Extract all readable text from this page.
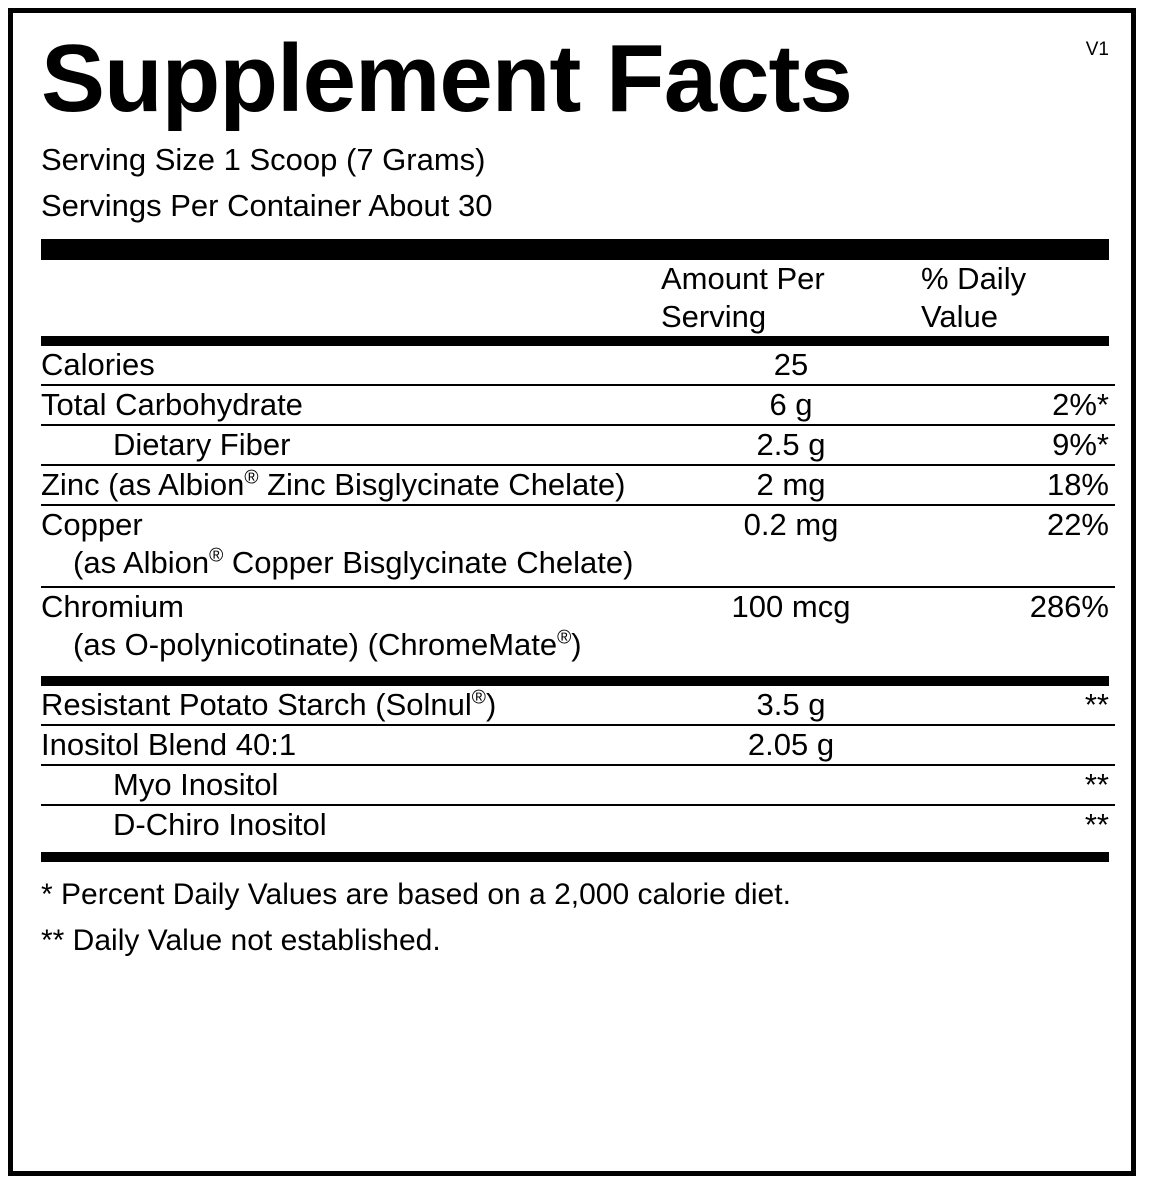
Supplement Facts	V1
Serving Size 1 Scoop (7 Grams)
Servings Per Container About 30

Amount Per
Serving

% Daily
Value
Calories	25	

Total Carbohydrate	6 g	2%*

Dietary Fiber	2.5 g	9%*

Zinc (as Albion® Zinc Bisglycinate Chelate)	2 mg	18%

Copper
(as Albion® Copper Bisglycinate Chelate)	0.2 mg	22%

Chromium
(as O-polynicotinate) (ChromeMate®)	100 mcg	286%
Resistant Potato Starch (Solnul®)	3.5 g	**

Inositol Blend 40:1	2.05 g	

Myo Inositol		**

D-Chiro Inositol		**
* Percent Daily Values are based on a 2,000 calorie diet.
** Daily Value not established.
